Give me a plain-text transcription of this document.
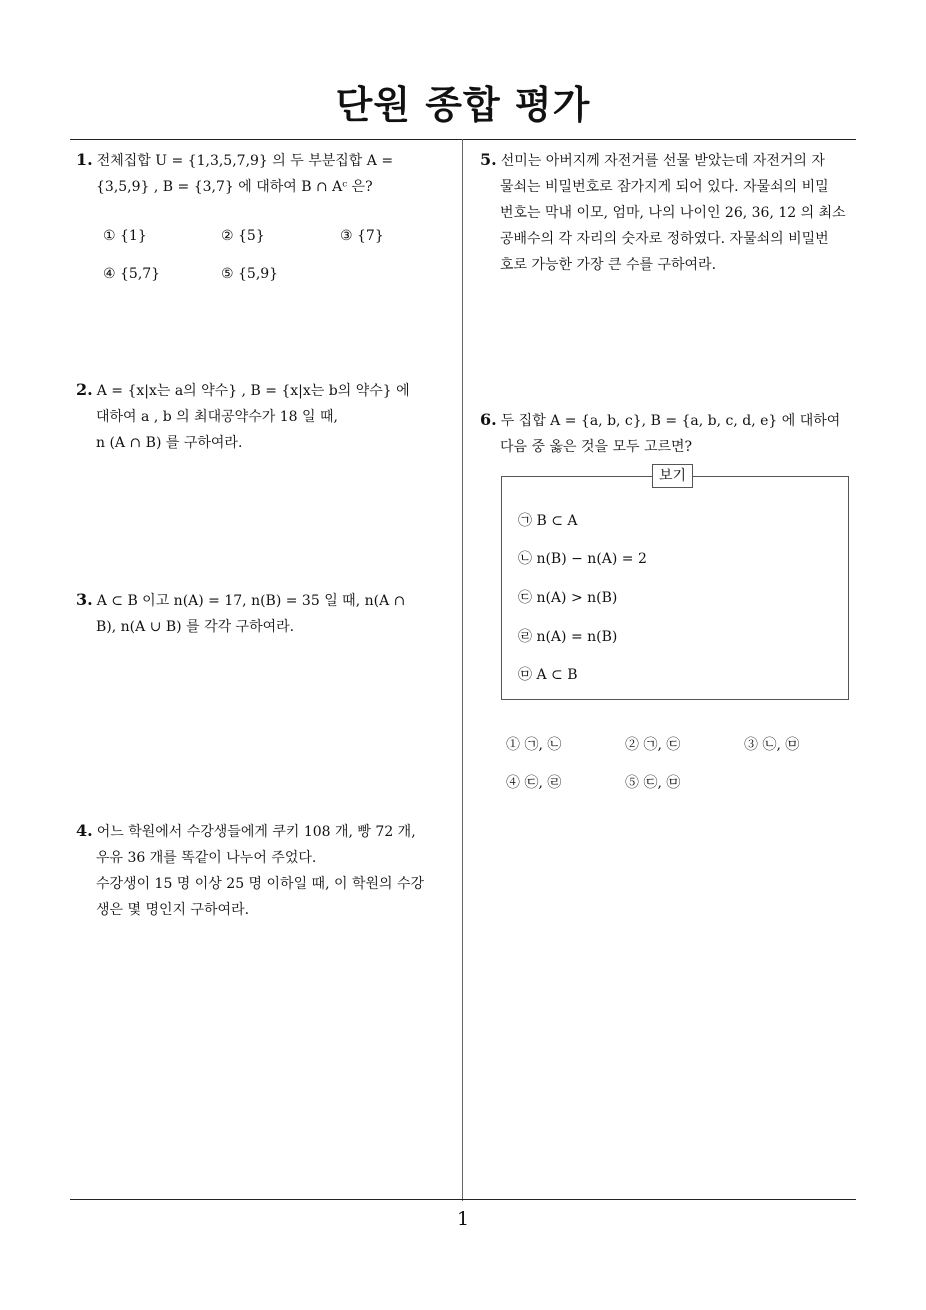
단원 종합 평가
1

1. 전체집합 U = {1,3,5,7,9} 의 두 부분집합 A =

{3,5,9} , B = {3,7} 에 대하여 B ∩ Aᶜ 은?

① {1}	② {5}	③ {7}
④ {5,7}	⑤ {5,9}

2. A = {x|x는 a의 약수} , B = {x|x는 b의 약수} 에

대하여 a , b 의 최대공약수가 18 일 때,

n (A ∩ B) 를 구하여라.

3. A ⊂ B 이고 n(A) = 17, n(B) = 35 일 때, n(A ∩

B), n(A ∪ B) 를 각각 구하여라.

4. 어느 학원에서 수강생들에게 쿠키 108 개, 빵 72 개,

우유 36 개를 똑같이 나누어 주었다.

수강생이 15 명 이상 25 명 이하일 때, 이 학원의 수강

생은 몇 명인지 구하여라.

5. 선미는 아버지께 자전거를 선물 받았는데 자전거의 자

물쇠는 비밀번호로 잠가지게 되어 있다. 자물쇠의 비밀

번호는 막내 이모, 엄마, 나의 나이인 26, 36, 12 의 최소

공배수의 각 자리의 숫자로 정하였다. 자물쇠의 비밀번

호로 가능한 가장 큰 수를 구하여라.

6. 두 집합 A = {a, b, c}, B = {a, b, c, d, e} 에 대하여

다음 중 옳은 것을 모두 고르면?

보기
㉠ B ⊂ A
㉡ n(B) − n(A) = 2
㉢ n(A) > n(B)
㉣ n(A) = n(B)
㉤ A ⊂ B
① ㉠, ㉡	② ㉠, ㉢	③ ㉡, ㉤
④ ㉢, ㉣	⑤ ㉢, ㉤
